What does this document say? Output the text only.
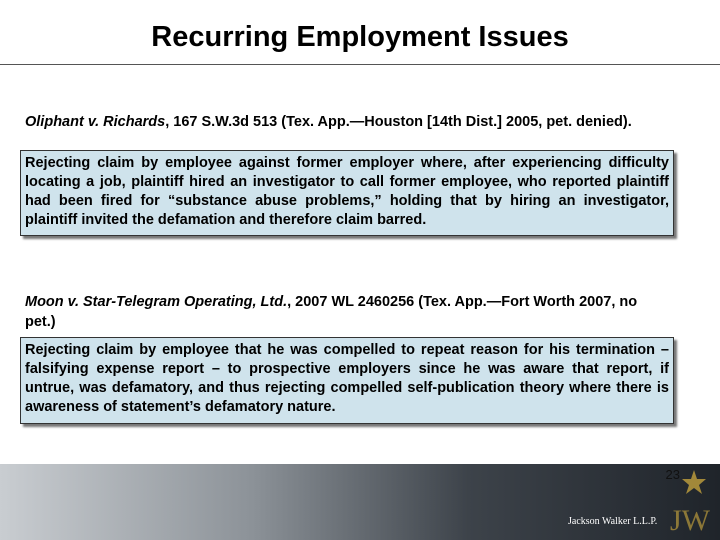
Recurring Employment Issues
Oliphant v. Richards, 167 S.W.3d 513 (Tex. App.—Houston [14th Dist.] 2005, pet. denied).
Rejecting claim by employee against former employer where, after experiencing difficulty locating a job, plaintiff hired an investigator to call former employee, who reported plaintiff had been fired for “substance abuse problems,” holding that by hiring an investigator, plaintiff invited the defamation and therefore claim barred.
Moon v. Star-Telegram Operating, Ltd., 2007 WL 2460256 (Tex. App.—Fort Worth 2007, no pet.)
Rejecting claim by employee that he was compelled to repeat reason for his termination – falsifying expense report – to prospective employers since he was aware that report, if untrue, was defamatory, and thus rejecting compelled self-publication theory where there is awareness of statement’s defamatory nature.
23
Jackson Walker L.L.P. JW
